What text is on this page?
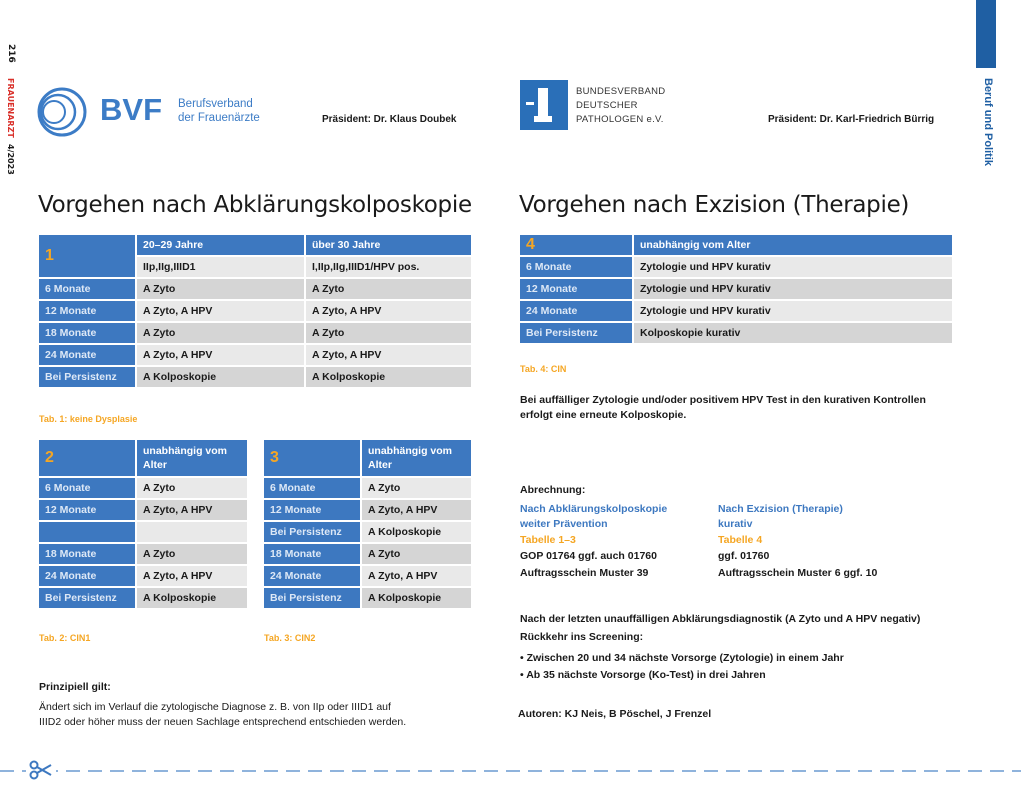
216
FRAUENARZT
4/2023	Beruf und Politik
BVF Berufsverband
der Frauenärzte	Präsident: Dr. Klaus Doubek
BUNDESVERBAND
DEUTSCHER
PATHOLOGEN e.V.	Präsident: Dr. Karl-Friedrich Bürrig
Vorgehen nach Abklärungskolposkopie Vorgehen nach Exzision (Therapie)
1	20–29 Jahre	über 30 Jahre
	IIp,IIg,IIID1	I,IIp,IIg,IIID1/HPV pos.
6 Monate	A Zyto	A Zyto
12 Monate	A Zyto, A HPV	A Zyto, A HPV
18 Monate	A Zyto	A Zyto
24 Monate	A Zyto, A HPV	A Zyto, A HPV
Bei Persistenz	A Kolposkopie	A Kolposkopie
Tab. 1: keine Dysplasie
2	unabhängig vom Alter
6 Monate	A Zyto
12 Monate	A Zyto, A HPV

18 Monate	A Zyto
24 Monate	A Zyto, A HPV
Bei Persistenz	A Kolposkopie
Tab. 2: CIN1
3	unabhängig vom Alter
6 Monate	A Zyto
12 Monate	A Zyto, A HPV
Bei Persistenz	A Kolposkopie
18 Monate	A Zyto
24 Monate	A Zyto, A HPV
Bei Persistenz	A Kolposkopie
Tab. 3: CIN2
Prinzipiell gilt:
Ändert sich im Verlauf die zytologische Diagnose z. B. von IIp oder IIID1 auf
IIID2 oder höher muss der neuen Sachlage entsprechend entschieden werden.
4	unabhängig vom Alter
6 Monate	Zytologie und HPV kurativ
12 Monate	Zytologie und HPV kurativ
24 Monate	Zytologie und HPV kurativ
Bei Persistenz	Kolposkopie kurativ
Tab. 4: CIN
Bei auffälliger Zytologie und/oder positivem HPV Test in den kurativen Kontrollen
erfolgt eine erneute Kolposkopie.
Abrechnung:
Nach Abklärungskolposkopie
weiter Prävention
Tabelle 1–3
GOP 01764 ggf. auch 01760
Auftragsschein Muster 39
Nach Exzision (Therapie)
kurativ
Tabelle 4
ggf. 01760
Auftragsschein Muster 6 ggf. 10
Nach der letzten unauffälligen Abklärungsdiagnostik (A Zyto und A HPV negativ)
Rückkehr ins Screening:
• Zwischen 20 und 34 nächste Vorsorge (Zytologie) in einem Jahr
• Ab 35 nächste Vorsorge (Ko-Test) in drei Jahren
Autoren: KJ Neis, B Pöschel, J Frenzel
